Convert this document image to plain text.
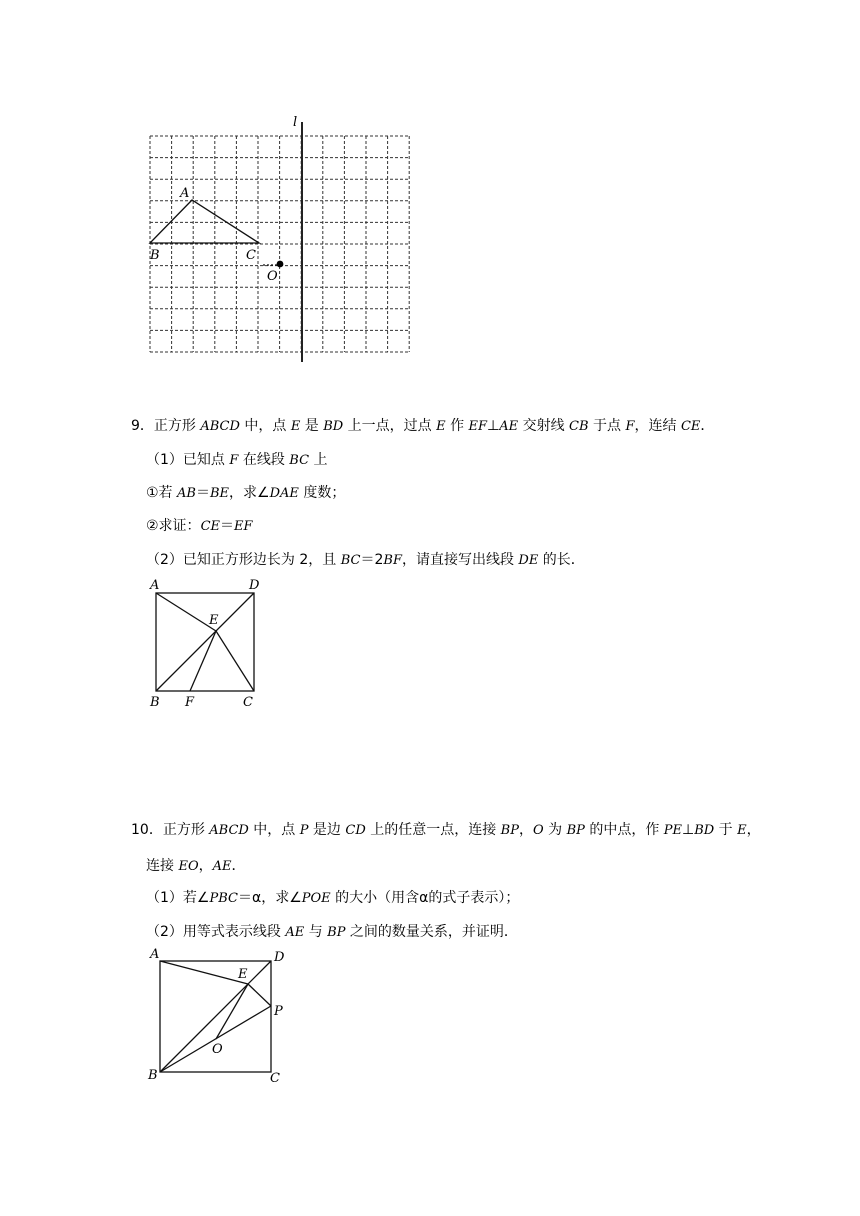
l
A
B	C
O
9．正方形 ABCD 中，点 E 是 BD 上一点，过点 E 作 EF⊥AE 交射线 CB 于点 F，连结 CE．
（1）已知点 F 在线段 BC 上
①若 AB＝BE，求∠DAE 度数；
②求证：CE＝EF
（2）已知正方形边长为 2，且 BC＝2BF，请直接写出线段 DE 的长．
A	D
E
B F	C
10．正方形 ABCD 中，点 P 是边 CD 上的任意一点，连接 BP，O 为 BP 的中点，作 PE⊥BD 于 E，
连接 EO，AE．
（1）若∠PBC＝α，求∠POE 的大小（用含α的式子表示）；
（2）用等式表示线段 AE 与 BP 之间的数量关系，并证明．
A	D
E
P
O
B	C
